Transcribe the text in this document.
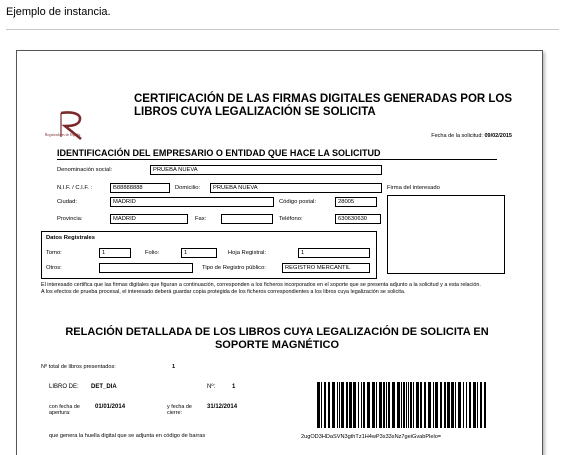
Ejemplo de instancia.
Registradores de España
CERTIFICACIÓN DE LAS FIRMAS DIGITALES GENERADAS POR LOS LIBROS CUYA LEGALIZACIÓN SE SOLICITA
Fecha de la solicitud: 09/02/2015
IDENTIFICACIÓN DEL EMPRESARIO O ENTIDAD QUE HACE LA SOLICITUD
Denominación social:	PRUEBA NUEVA
N.I.F. / C.I.F. :	B88888888	Domicilio:	PRUEBA NUEVA	Firma del interesado
Ciudad:	MADRID	Código postal:	28005
Provincia:	MADRID	Fax:	Teléfono:	630630630
Datos Registrales
Tomo:	1	Folio:	1	Hoja Registral:	1
Otros:	Tipo de Registro público:	REGISTRO MERCANTIL
El interesado certifica que las firmas digitales que figuran a continuación, corresponden a los ficheros incorporados en el soporte que se presenta adjunto a la solicitud y a esta relación.
A los efectos de prueba procesal, el interesado deberá guardar copia protegida de los ficheros correspondientes a los libros cuya legalización se solicita.
RELACIÓN DETALLADA DE LOS LIBROS CUYA LEGALIZACIÓN DE SOLICITA EN SOPORTE MAGNÉTICO
Nº total de libros presentados:	1
LIBRO DE: DET_DIA	Nº:	1
con fecha de apertura:
01/01/2014	y fecha de cierre:
31/12/2014
que genera la huella digital que se adjunta en código de barras	2ugOD3HDaSVN3gthTz1H4wP3s33sNz7geiGvabPlelo=
